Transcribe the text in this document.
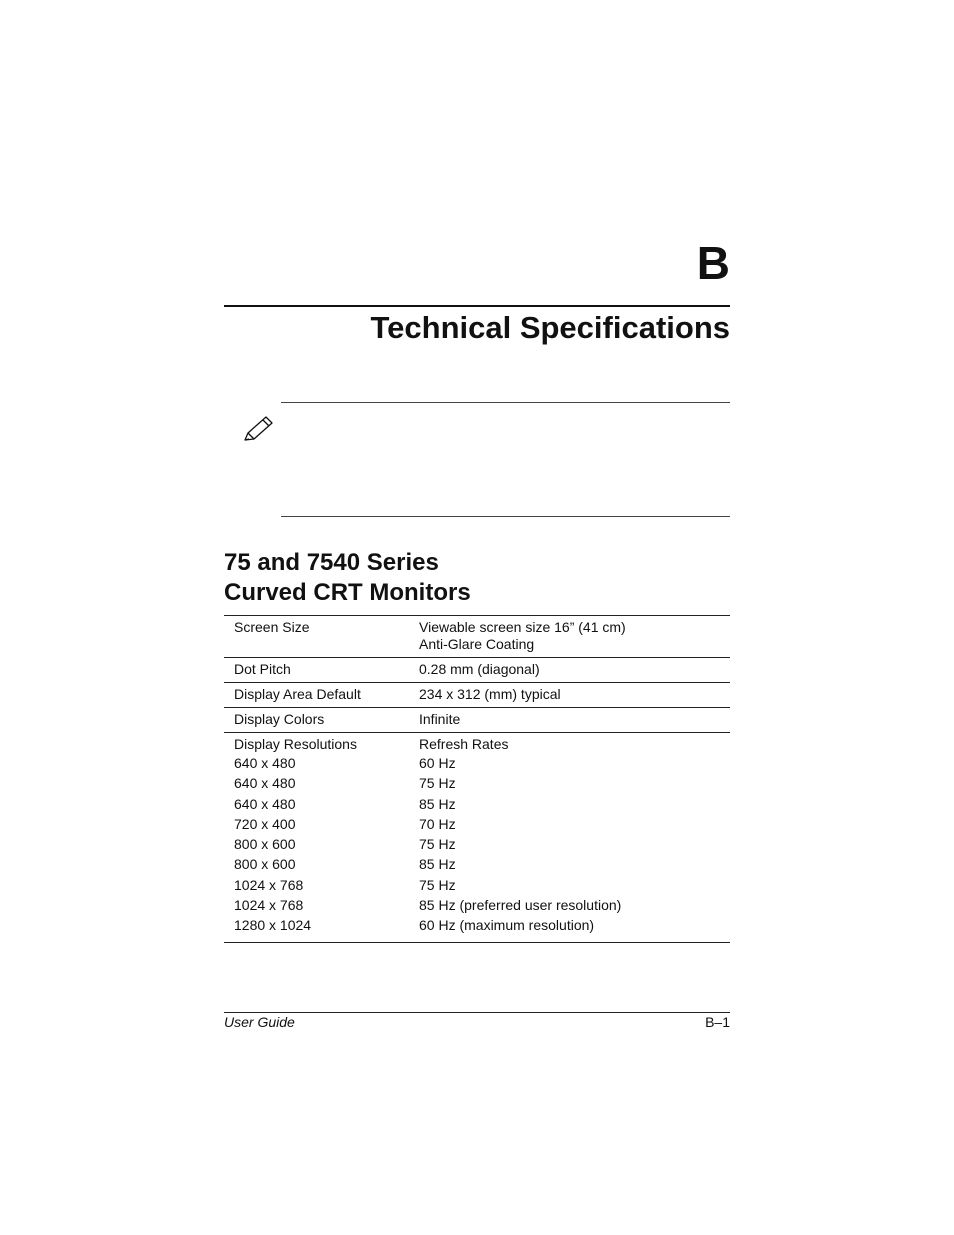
B
Technical Specifications
75 and 7540 Series
Curved CRT Monitors
Screen Size	Viewable screen size 16” (41 cm)
Anti-Glare Coating
Dot Pitch	0.28 mm (diagonal)
Display Area Default	234 x 312 (mm) typical
Display Colors	Infinite
Display Resolutions	Refresh Rates
640 x 480	60 Hz
640 x 480	75 Hz
640 x 480	85 Hz
720 x 400	70 Hz
800 x 600	75 Hz
800 x 600	85 Hz
1024 x 768	75 Hz
1024 x 768	85 Hz (preferred user resolution)
1280 x 1024	60 Hz (maximum resolution)
User Guide	B–1
